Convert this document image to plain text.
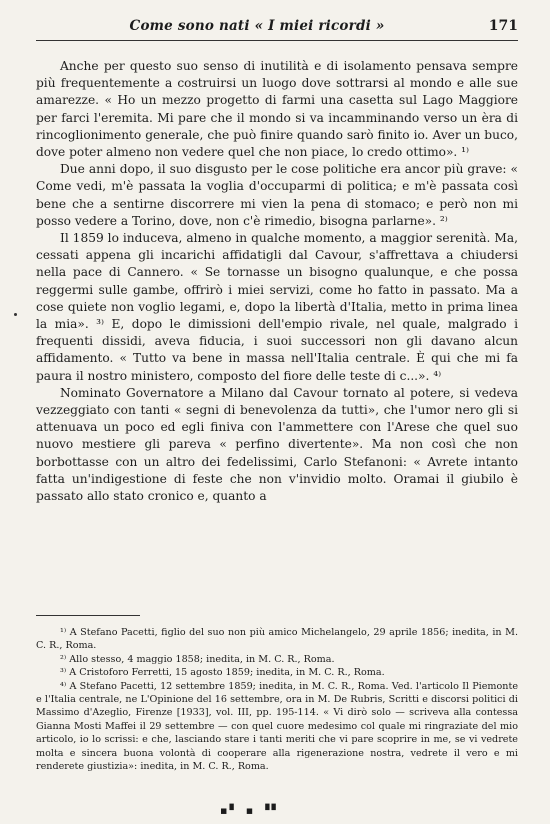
Come sono nati « I miei ricordi »	171

Anche per questo suo senso di inutilità e di isolamento pensava sempre più frequentemente a costruirsi un luogo dove sottrarsi al mondo e alle sue amarezze. « Ho un mezzo progetto di farmi una casetta sul Lago Maggiore per farci l'eremita. Mi pare che il mondo si va incamminando verso un èra di rincoglionimento generale, che può finire quando sarò finito io. Aver un buco, dove poter almeno non vedere quel che non piace, lo credo ottimo». ¹⁾

Due anni dopo, il suo disgusto per le cose politiche era ancor più grave: « Come vedi, m'è passata la voglia d'occuparmi di politica; e m'è passata così bene che a sentirne discorrere mi vien la pena di stomaco; e però non mi posso vedere a Torino, dove, non c'è rimedio, bisogna parlarne». ²⁾

Il 1859 lo induceva, almeno in qualche momento, a maggior serenità. Ma, cessati appena gli incarichi affidatigli dal Cavour, s'affrettava a chiudersi nella pace di Cannero. « Se tornasse un bisogno qualunque, e che possa reggermi sulle gambe, offrirò i miei servizi, come ho fatto in passato. Ma a cose quiete non voglio legami, e, dopo la libertà d'Italia, metto in prima linea la mia». ³⁾ E, dopo le dimissioni dell'empio rivale, nel quale, malgrado i frequenti dissidi, aveva fiducia, i suoi successori non gli davano alcun affidamento. « Tutto va bene in massa nell'Italia centrale. È qui che mi fa paura il nostro ministero, composto del fiore delle teste di c...». ⁴⁾

Nominato Governatore a Milano dal Cavour tornato al potere, si vedeva vezzeggiato con tanti « segni di benevolenza da tutti», che l'umor nero gli si attenuava un poco ed egli finiva con l'ammettere con l'Arese che quel suo nuovo mestiere gli pareva « perfino divertente». Ma non così che non borbottasse con un altro dei fedelissimi, Carlo Stefanoni: « Avrete intanto fatta un'indigestione di feste che non v'invidio molto. Oramai il giubilo è passato allo stato cronico e, quanto a

¹⁾ A Stefano Pacetti, figlio del suo non più amico Michelangelo, 29 aprile 1856; inedita, in M. C. R., Roma.

²⁾ Allo stesso, 4 maggio 1858; inedita, in M. C. R., Roma.

³⁾ A Cristoforo Ferretti, 15 agosto 1859; inedita, in M. C. R., Roma.

⁴⁾ A Stefano Pacetti, 12 settembre 1859; inedita, in M. C. R., Roma. Ved. l'articolo Il Piemonte e l'Italia centrale, ne L'Opinione del 16 settembre, ora in M. De Rubris, Scritti e discorsi politici di Massimo d'Azeglio, Firenze [1933], vol. III, pp. 195-114. « Vi dirò solo — scriveva alla contessa Gianna Mosti Maffei il 29 settembre — con quel cuore medesimo col quale mi ringraziate del mio articolo, io lo scrissi: e che, lasciando stare i tanti meriti che vi pare scoprire in me, se vi vedrete molta e sincera buona volontà di cooperare alla rigenerazione nostra, vedrete il vero e mi renderete giustizia»: inedita, in M. C. R., Roma.

▪▘ ▪ ▝▘
